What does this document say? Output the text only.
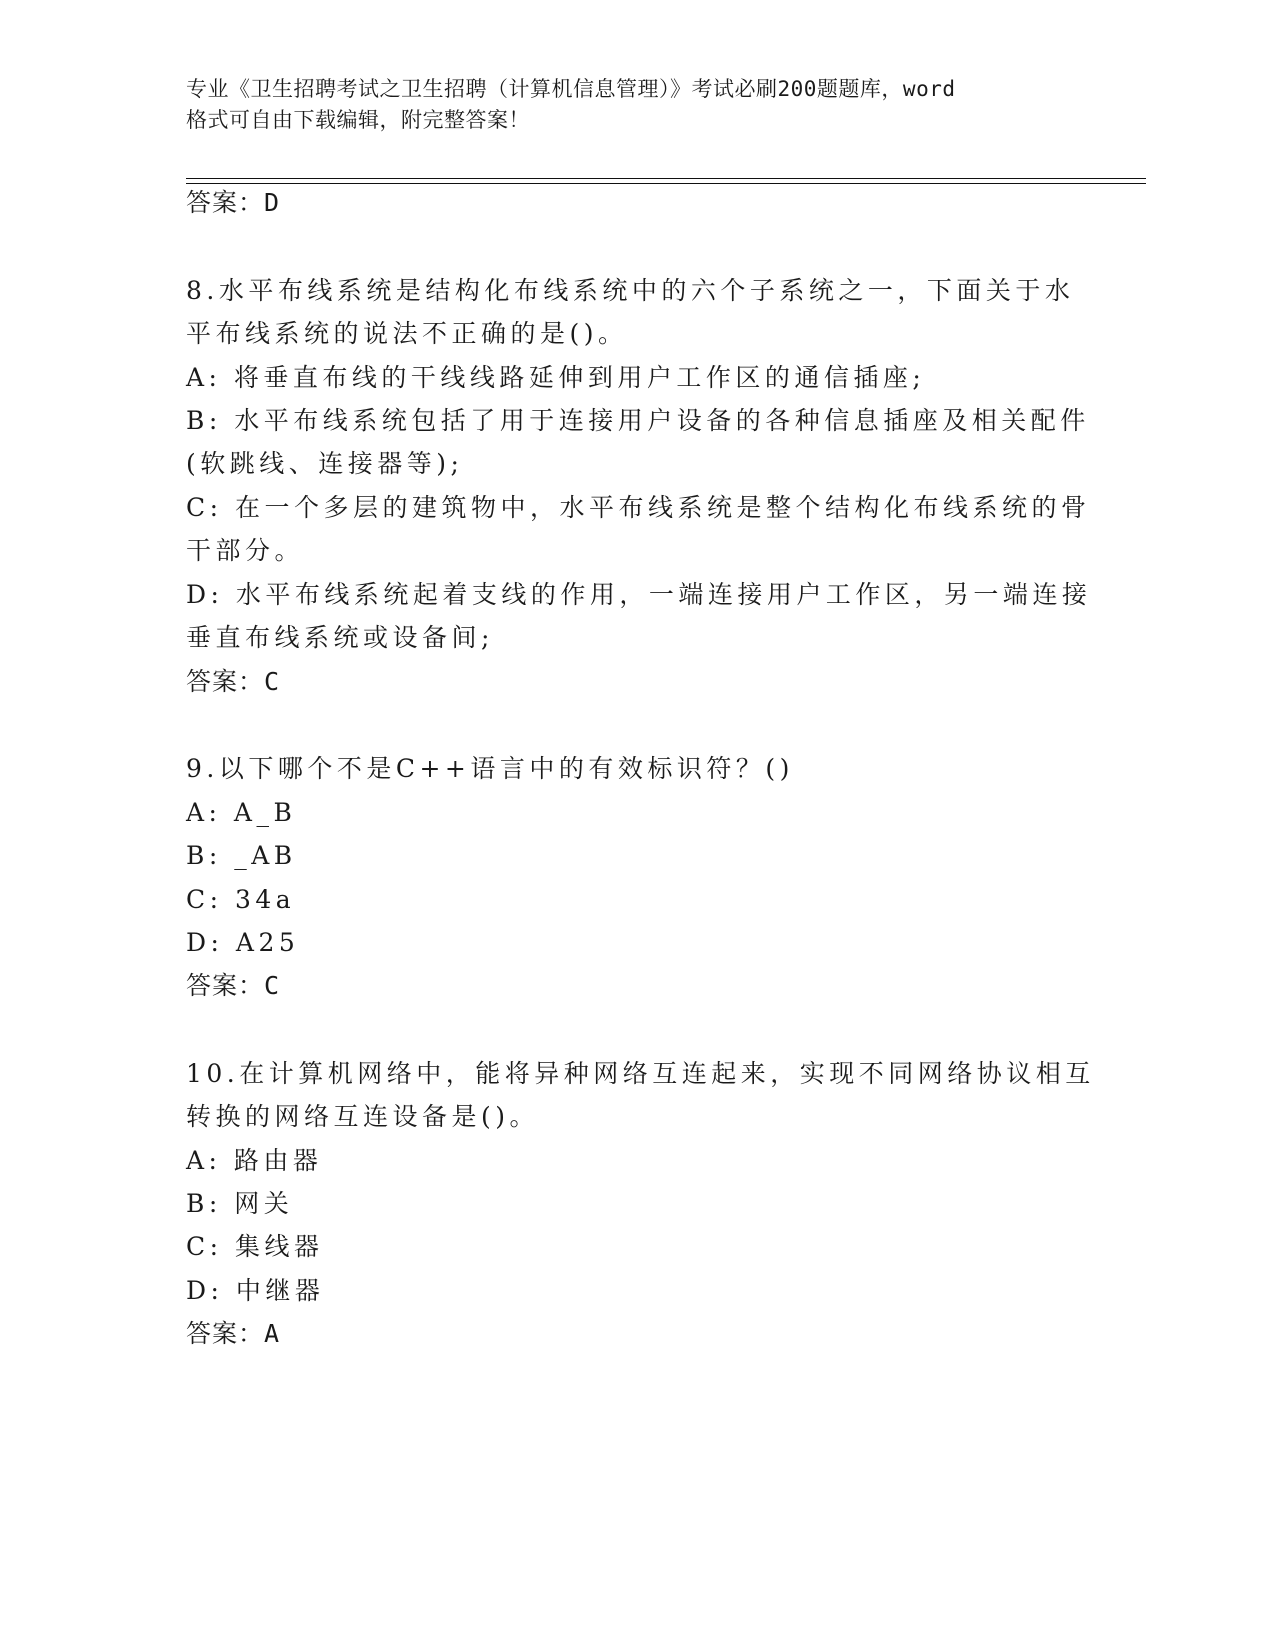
专业《卫生招聘考试之卫生招聘（计算机信息管理）》考试必刷200题题库，word
格式可自由下载编辑，附完整答案！
答案：D
8.水平布线系统是结构化布线系统中的六个子系统之一，下面关于水
平布线系统的说法不正确的是()。
A: 将垂直布线的干线线路延伸到用户工作区的通信插座;
B: 水平布线系统包括了用于连接用户设备的各种信息插座及相关配件
(软跳线、连接器等);
C: 在一个多层的建筑物中，水平布线系统是整个结构化布线系统的骨
干部分。
D: 水平布线系统起着支线的作用，一端连接用户工作区，另一端连接
垂直布线系统或设备间;
答案：C
9.以下哪个不是C++语言中的有效标识符？()
A: A_B
B: _AB
C: 34a
D: A25
答案：C
10.在计算机网络中，能将异种网络互连起来，实现不同网络协议相互
转换的网络互连设备是()。
A: 路由器
B: 网关
C: 集线器
D: 中继器
答案：A
